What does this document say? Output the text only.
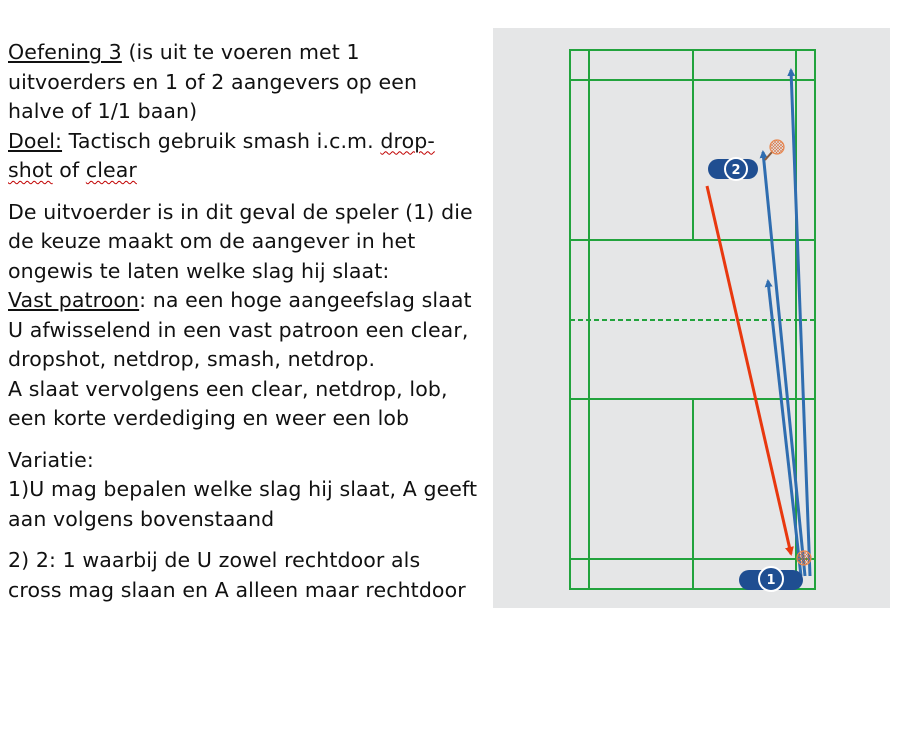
Oefening 3 (is uit te voeren met 1 uitvoerders en 1 of 2 aangevers op een halve of 1/1 baan)
Doel: Tactisch gebruik smash i.c.m. drop-shot of clear

De uitvoerder is in dit geval de speler (1) die de keuze maakt om de aangever in het ongewis te laten welke slag hij slaat:
Vast patroon: na een hoge aangeefslag slaat U afwisselend in een vast patroon een clear, dropshot, netdrop, smash, netdrop.
A slaat vervolgens een clear, netdrop, lob, een korte verdediging en weer een lob

Variatie:
1)U mag bepalen welke slag hij slaat, A geeft aan volgens bovenstaand

2) 2: 1 waarbij de U zowel rechtdoor als cross mag slaan en A alleen maar rechtdoor

2
1
